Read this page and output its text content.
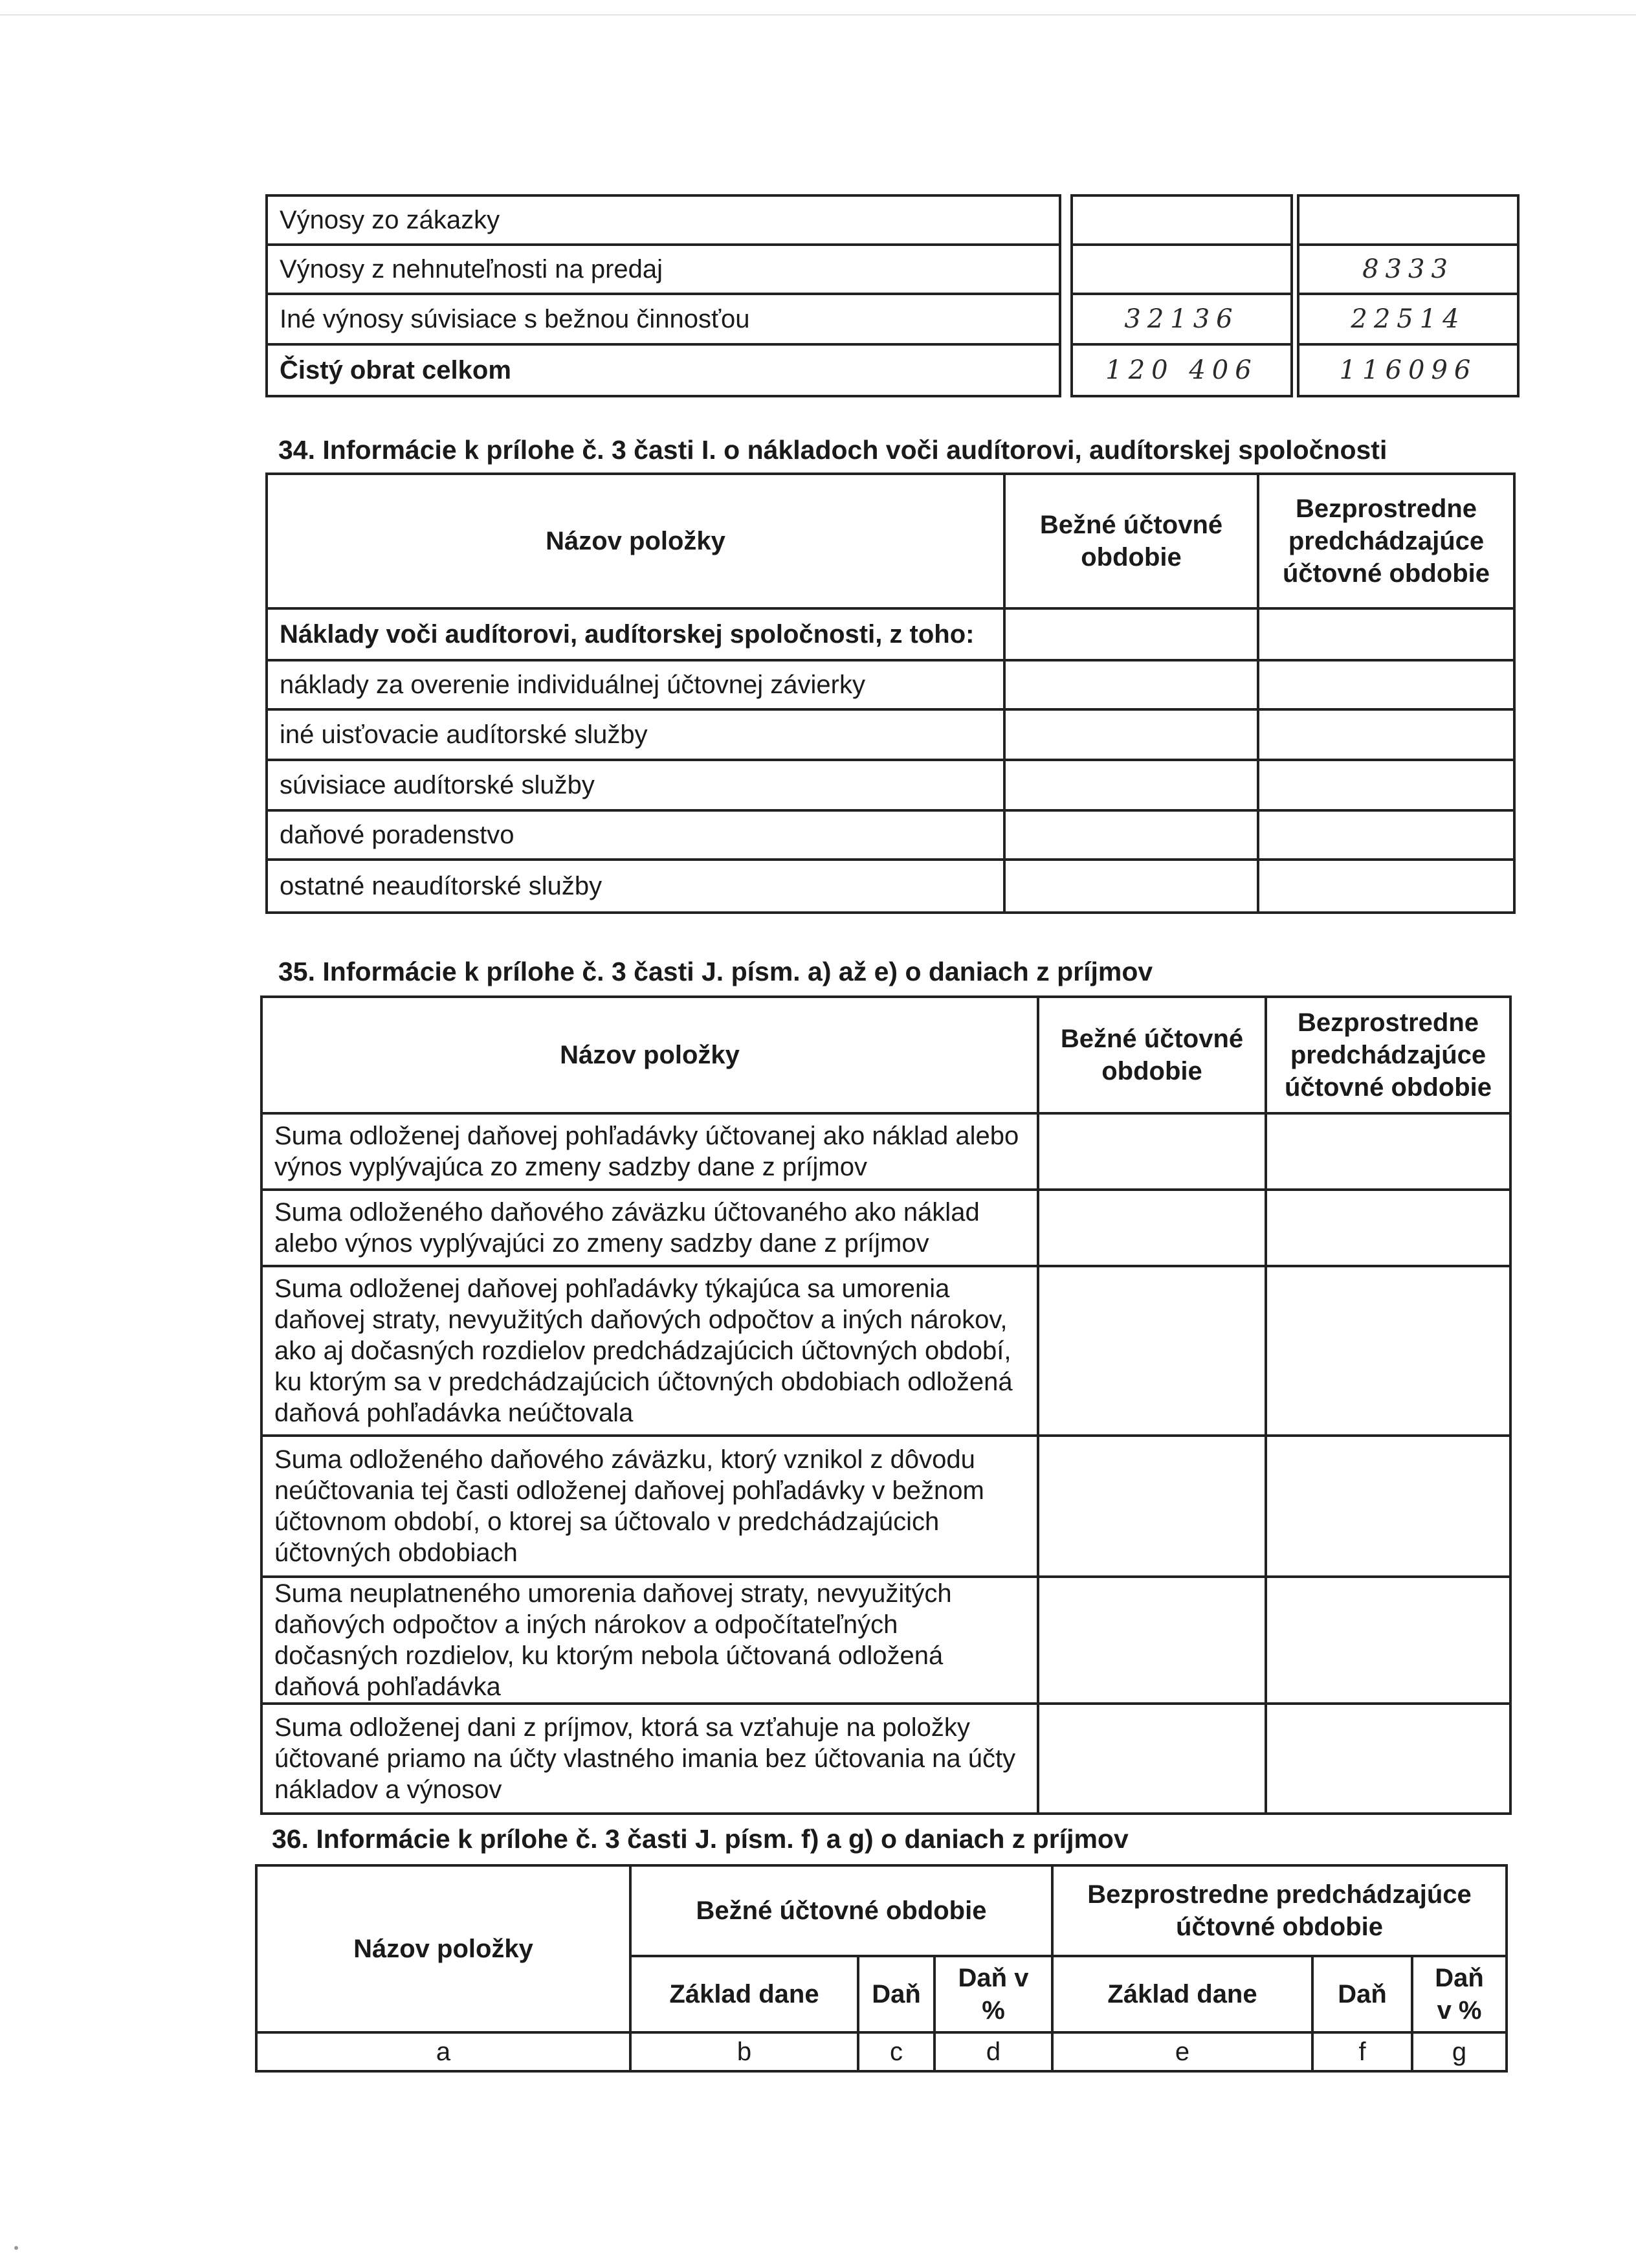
Výnosy zo zákazky				
Výnosy z nehnuteľnosti na predaj				8333
Iné výnosy súvisiace s bežnou činnosťou		32136		22514
Čistý obrat celkom		120 406		116096
34. Informácie k prílohe č. 3 časti I. o nákladoch voči audítorovi, audítorskej spoločnosti
Názov položky	Bežné účtovné obdobie	Bezprostredne predchádzajúce účtovné obdobie
Náklady voči audítorovi, audítorskej spoločnosti, z toho:		
náklady za overenie individuálnej účtovnej závierky		
iné uisťovacie audítorské služby		
súvisiace audítorské služby		
daňové poradenstvo		
ostatné neaudítorské služby		
35. Informácie k prílohe č. 3 časti J. písm. a) až e) o daniach z príjmov
Názov položky	Bežné účtovné obdobie	Bezprostredne predchádzajúce účtovné obdobie
Suma odloženej daňovej pohľadávky účtovanej ako náklad alebo výnos vyplývajúca zo zmeny sadzby dane z príjmov		
Suma odloženého daňového záväzku účtovaného ako náklad alebo výnos vyplývajúci zo zmeny sadzby dane z príjmov		
Suma odloženej daňovej pohľadávky týkajúca sa umorenia daňovej straty, nevyužitých daňových odpočtov a iných nárokov, ako aj dočasných rozdielov predchádzajúcich účtovných období, ku ktorým sa v predchádzajúcich účtovných obdobiach odložená daňová pohľadávka neúčtovala		
Suma odloženého daňového záväzku, ktorý vznikol z dôvodu neúčtovania tej časti odloženej daňovej pohľadávky v bežnom účtovnom období, o ktorej sa účtovalo v predchádzajúcich účtovných obdobiach		
Suma neuplatneného umorenia daňovej straty, nevyužitých daňových odpočtov a iných nárokov a odpočítateľných dočasných rozdielov, ku ktorým nebola účtovaná odložená daňová pohľadávka		
Suma odloženej dani z príjmov, ktorá sa vzťahuje na položky účtované priamo na účty vlastného imania bez účtovania na účty nákladov a výnosov		
36. Informácie k prílohe č. 3 časti J. písm. f) a g) o daniach z príjmov
Názov položky	Bežné účtovné obdobie			Bezprostredne predchádzajúce účtovné obdobie		
	Základ dane	Daň	Daň v %	Základ dane	Daň	Daň v %
a	b	c	d	e	f	g
